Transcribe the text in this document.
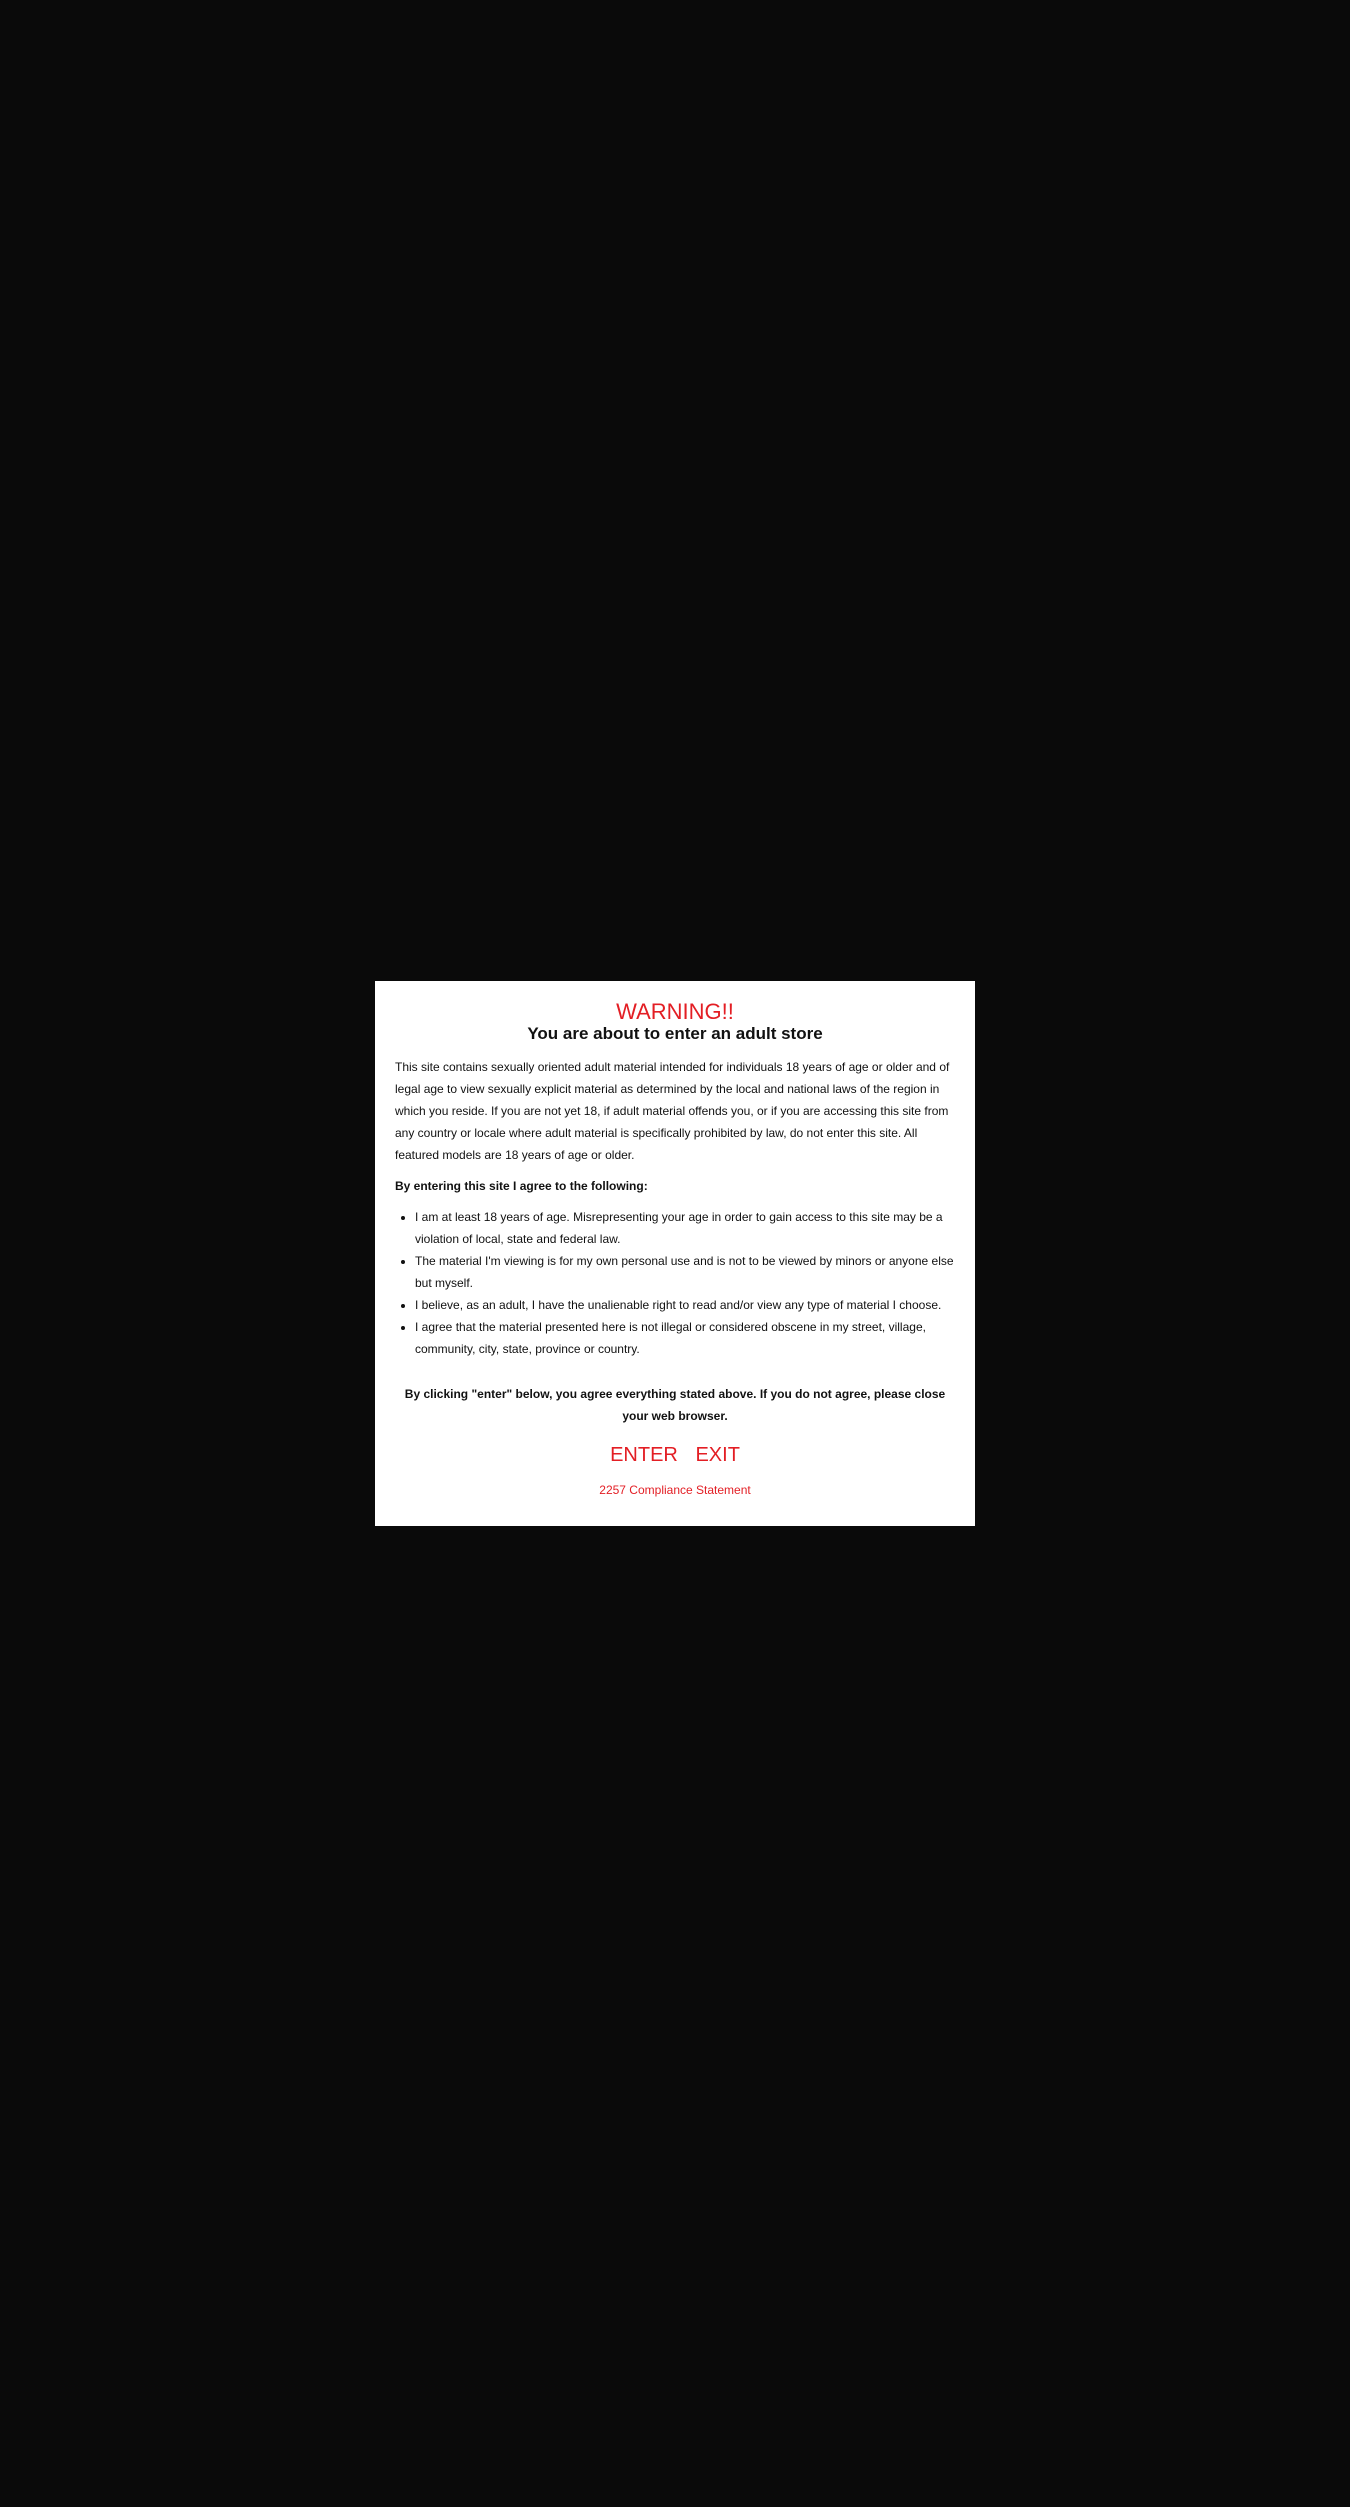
WARNING!!
You are about to enter an adult store

This site contains sexually oriented adult material intended for individuals 18 years of age or older and of legal age to view sexually explicit material as determined by the local and national laws of the region in which you reside. If you are not yet 18, if adult material offends you, or if you are accessing this site from any country or locale where adult material is specifically prohibited by law, do not enter this site. All featured models are 18 years of age or older.

By entering this site I agree to the following:

• I am at least 18 years of age. Misrepresenting your age in order to gain access to this site may be a violation of local, state and federal law.
• The material I'm viewing is for my own personal use and is not to be viewed by minors or anyone else but myself.
• I believe, as an adult, I have the unalienable right to read and/or view any type of material I choose.
• I agree that the material presented here is not illegal or considered obscene in my street, village, community, city, state, province or country.

By clicking "enter" below, you agree everything stated above. If you do not agree, please close your web browser.

ENTER EXIT
2257 Compliance Statement
